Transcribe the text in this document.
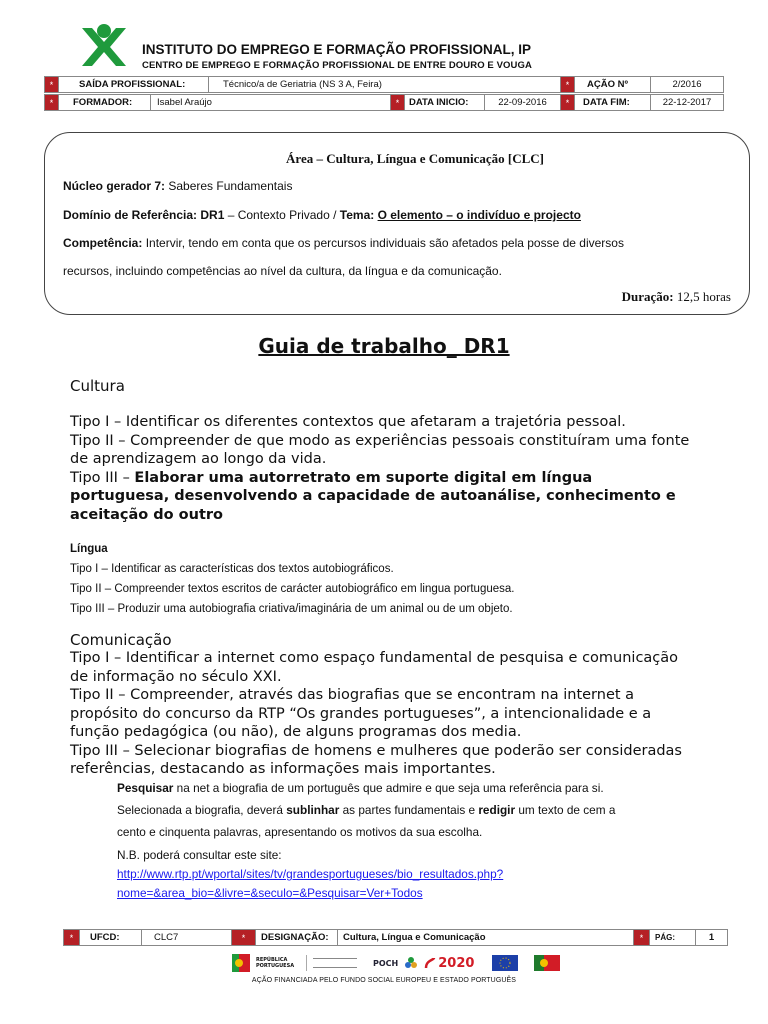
INSTITUTO DO EMPREGO E FORMAÇÃO PROFISSIONAL, IP
CENTRO DE EMPREGO E FORMAÇÃO PROFISSIONAL DE ENTRE DOURO E VOUGA
*	SAÍDA PROFISSIONAL:	Técnico/a de Geriatria (NS 3 A, Feira)	*	AÇÃO Nº	2/2016
*	FORMADOR:	Isabel Araújo	*	DATA INICIO:	22-09-2016	*	DATA FIM:	22-12-2017
Área – Cultura, Língua e Comunicação [CLC]
Núcleo gerador 7: Saberes Fundamentais
Domínio de Referência: DR1 – Contexto Privado / Tema: O elemento – o indivíduo e projecto
Competência: Intervir, tendo em conta que os percursos individuais são afetados pela posse de diversos
recursos, incluindo competências ao nível da cultura, da língua e da comunicação.
Duração: 12,5 horas
Guia de trabalho_ DR1
Cultura
Tipo I – Identificar os diferentes contextos que afetaram a trajetória pessoal.
Tipo II – Compreender de que modo as experiências pessoais constituíram uma fonte
de aprendizagem ao longo da vida.
Tipo III – Elaborar uma autorretrato em suporte digital em língua
portuguesa, desenvolvendo a capacidade de autoanálise, conhecimento e
aceitação do outro
Língua
Tipo I – Identificar as características dos textos autobiográficos.
Tipo II – Compreender textos escritos de carácter autobiográfico em lingua portuguesa.
Tipo III – Produzir uma autobiografia criativa/imaginária de um animal ou de um objeto.
Comunicação
Tipo I – Identificar a internet como espaço fundamental de pesquisa e comunicação
de informação no século XXI.
Tipo II – Compreender, através das biografias que se encontram na internet a
propósito do concurso da RTP “Os grandes portugueses”, a intencionalidade e a
função pedagógica (ou não), de alguns programas dos media.
Tipo III – Selecionar biografias de homens e mulheres que poderão ser consideradas
referências, destacando as informações mais importantes.
Pesquisar na net a biografia de um português que admire e que seja uma referência para si.
Selecionada a biografia, deverá sublinhar as partes fundamentais e redigir um texto de cem a
cento e cinquenta palavras, apresentando os motivos da sua escolha.
N.B. poderá consultar este site:
http://www.rtp.pt/wportal/sites/tv/grandesportugueses/bio_resultados.php?
nome=&area_bio=&livre=&seculo=&Pesquisar=Ver+Todos
*	UFCD:	CLC7	*	DESIGNAÇÃO:	Cultura, Língua e Comunicação	*	PÁG:	1
REPÚBLICA PORTUGUESA	POCH	2020
AÇÃO FINANCIADA PELO FUNDO SOCIAL EUROPEU E ESTADO PORTUGUÊS
